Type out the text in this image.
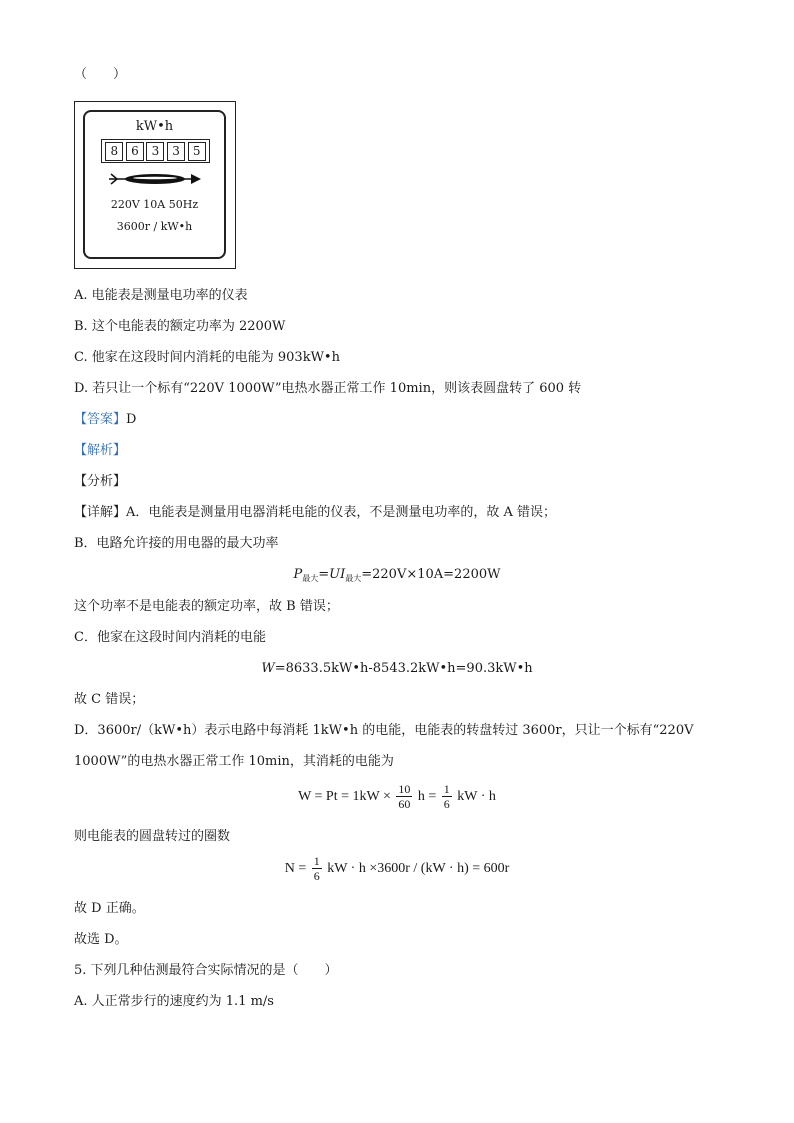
（　　）
kW•h
8	6	3	3	5
220V 10A 50Hz
3600r / kW•h
A. 电能表是测量电功率的仪表
B. 这个电能表的额定功率为 2200W
C. 他家在这段时间内消耗的电能为 903kW•h
D. 若只让一个标有“220V 1000W”电热水器正常工作 10min，则该表圆盘转了 600 转
【答案】D
【解析】
【分析】
【详解】A．电能表是测量用电器消耗电能的仪表，不是测量电功率的，故 A 错误；
B．电路允许接的用电器的最大功率
$P_{最大}=UI_{最大}=220V\times 10A=2200W$
这个功率不是电能表的额定功率，故 B 错误；
C．他家在这段时间内消耗的电能
W=8633.5kW•h-8543.2kW•h=90.3kW•h
故 C 错误；
D．3600r/（kW•h）表示电路中每消耗 1kW•h 的电能，电能表的转盘转过 3600r，只让一个标有“220V
1000W”的电热水器正常工作 10min，其消耗的电能为
$W = Pt = 1kW \times \frac{10}{60}$ $h = \frac{1}{6}$ kW · h
则电能表的圆盘转过的圈数
$N = \frac{1}{6}$ kW · h ×3600r / (kW · h) = 600r
故 D 正确。
故选 D。
5. 下列几种估测最符合实际情况的是（　　）
A. 人正常步行的速度约为 1.1 m/s
